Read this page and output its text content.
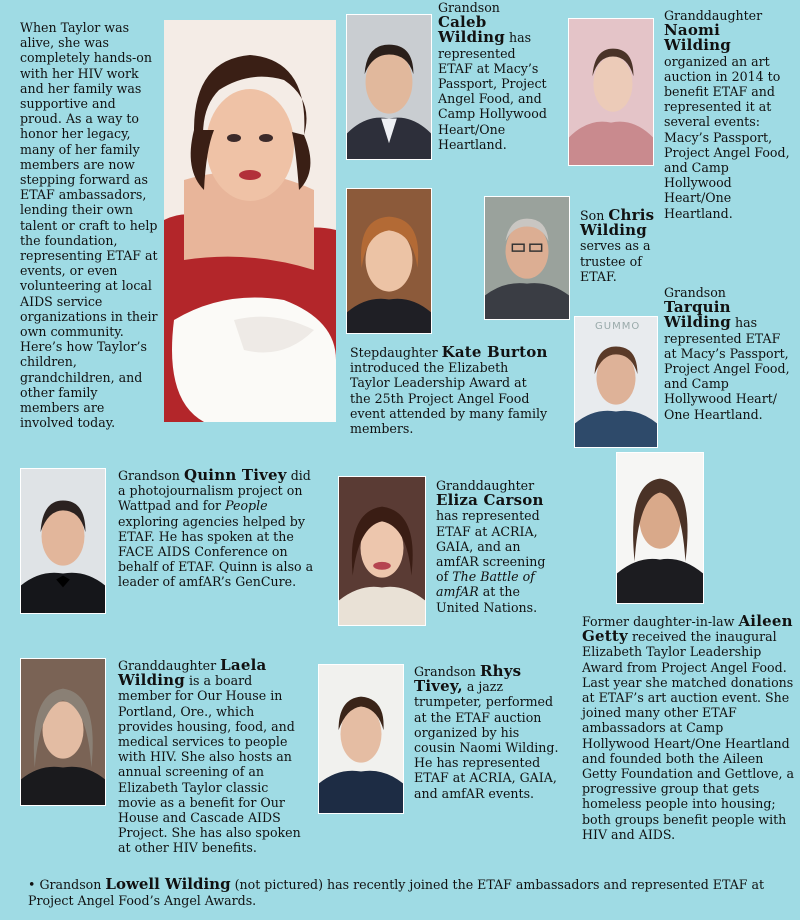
When Taylor was alive, she was completely hands-on with her HIV work and her family was supportive and proud. As a way to honor her legacy, many of her family members are now stepping forward as ETAF ambassadors, lending their own talent or craft to help the foundation, representing ETAF at events, or even volunteering at local AIDS service organizations in their own community. Here’s how Taylor’s children, grandchildren, and other family members are involved today.
Grandson
Caleb Wilding has represented ETAF at Macy’s Passport, Project Angel Food, and Camp Hollywood Heart/One Heartland.
Granddaughter
Naomi Wilding organized an art auction in 2014 to benefit ETAF and represented it at several events: Macy’s Passport, Project Angel Food, and Camp Hollywood Heart/One Heartland.
Stepdaughter Kate Burton introduced the Elizabeth Taylor Leadership Award at the 25th Project Angel Food event attended by many family members.
Son Chris Wilding serves as a trustee of ETAF.
GUMMO
Grandson Tarquin Wilding has represented ETAF at Macy’s Passport, Project Angel Food, and Camp Hollywood Heart/ One Heartland.
Grandson Quinn Tivey did a photojournalism project on Wattpad and for People exploring agencies helped by ETAF. He has spoken at the FACE AIDS Conference on behalf of ETAF. Quinn is also a leader of amfAR’s GenCure.
Granddaughter
Eliza Carson has represented ETAF at ACRIA, GAIA, and an amfAR screening of The Battle of amfAR at the United Nations.
Former daughter-in-law Aileen Getty received the inaugural Elizabeth Taylor Leadership Award from Project Angel Food. Last year she matched donations at ETAF’s art auction event. She joined many other ETAF ambassadors at Camp Hollywood Heart/One Heartland and founded both the Aileen Getty Foundation and Gettlove, a progressive group that gets homeless people into housing; both groups benefit people with HIV and AIDS.
Granddaughter Laela Wilding is a board member for Our House in Portland, Ore., which provides housing, food, and medical services to people with HIV. She also hosts an annual screening of an Elizabeth Taylor classic movie as a benefit for Our House and Cascade AIDS Project. She has also spoken at other HIV benefits.
Grandson Rhys Tivey, a jazz trumpeter, performed at the ETAF auction organized by his cousin Naomi Wilding. He has represented ETAF at ACRIA, GAIA, and amfAR events.
• Grandson Lowell Wilding (not pictured) has recently joined the ETAF ambassadors and represented ETAF at Project Angel Food’s Angel Awards.
